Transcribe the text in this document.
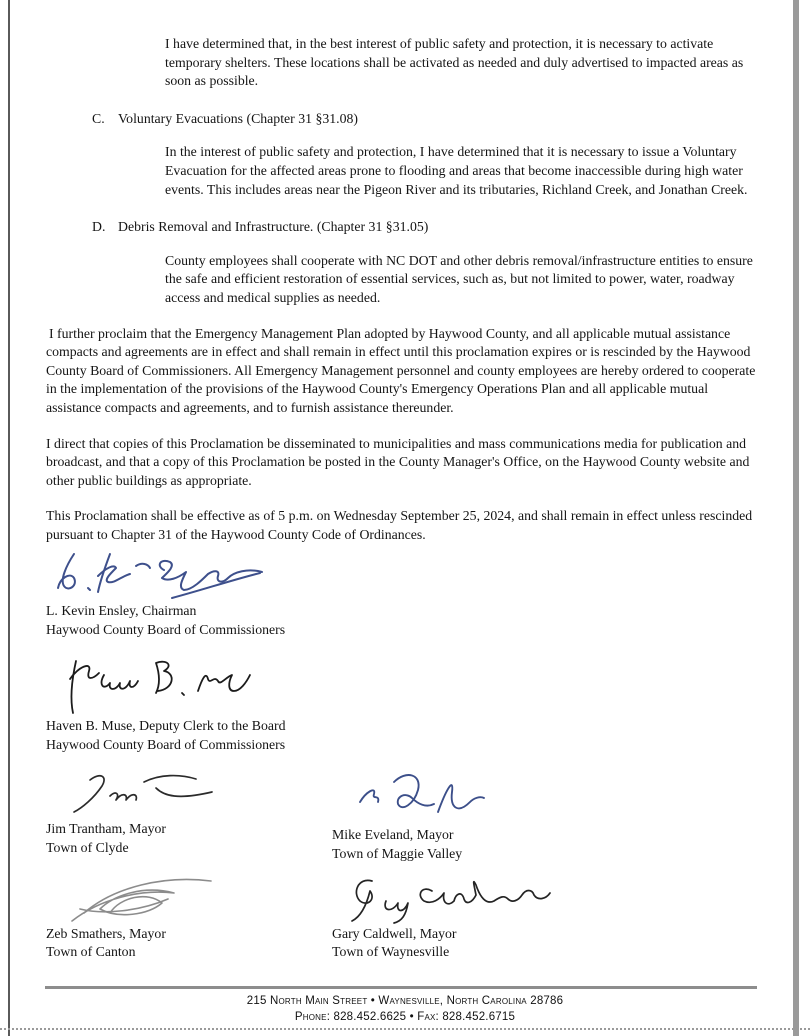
I have determined that, in the best interest of public safety and protection, it is necessary to activate temporary shelters. These locations shall be activated as needed and duly advertised to impacted areas as soon as possible.

C. Voluntary Evacuations (Chapter 31 §31.08)

In the interest of public safety and protection, I have determined that it is necessary to issue a Voluntary Evacuation for the affected areas prone to flooding and areas that become inaccessible during high water events. This includes areas near the Pigeon River and its tributaries, Richland Creek, and Jonathan Creek.

D. Debris Removal and Infrastructure. (Chapter 31 §31.05)

County employees shall cooperate with NC DOT and other debris removal/infrastructure entities to ensure the safe and efficient restoration of essential services, such as, but not limited to power, water, roadway access and medical supplies as needed.

I further proclaim that the Emergency Management Plan adopted by Haywood County, and all applicable mutual assistance compacts and agreements are in effect and shall remain in effect until this proclamation expires or is rescinded by the Haywood County Board of Commissioners. All Emergency Management personnel and county employees are hereby ordered to cooperate in the implementation of the provisions of the Haywood County's Emergency Operations Plan and all applicable mutual assistance compacts and agreements, and to furnish assistance thereunder.

I direct that copies of this Proclamation be disseminated to municipalities and mass communications media for publication and broadcast, and that a copy of this Proclamation be posted in the County Manager's Office, on the Haywood County website and other public buildings as appropriate.

This Proclamation shall be effective as of 5 p.m. on Wednesday September 25, 2024, and shall remain in effect unless rescinded pursuant to Chapter 31 of the Haywood County Code of Ordinances.

L. Kevin Ensley, Chairman
Haywood County Board of Commissioners
Haven B. Muse, Deputy Clerk to the Board
Haywood County Board of Commissioners
Jim Trantham, Mayor
Town of Clyde
Mike Eveland, Mayor
Town of Maggie Valley
Zeb Smathers, Mayor
Town of Canton
Gary Caldwell, Mayor
Town of Waynesville
215 North Main Street • Waynesville, North Carolina 28786
Phone: 828.452.6625 • Fax: 828.452.6715
